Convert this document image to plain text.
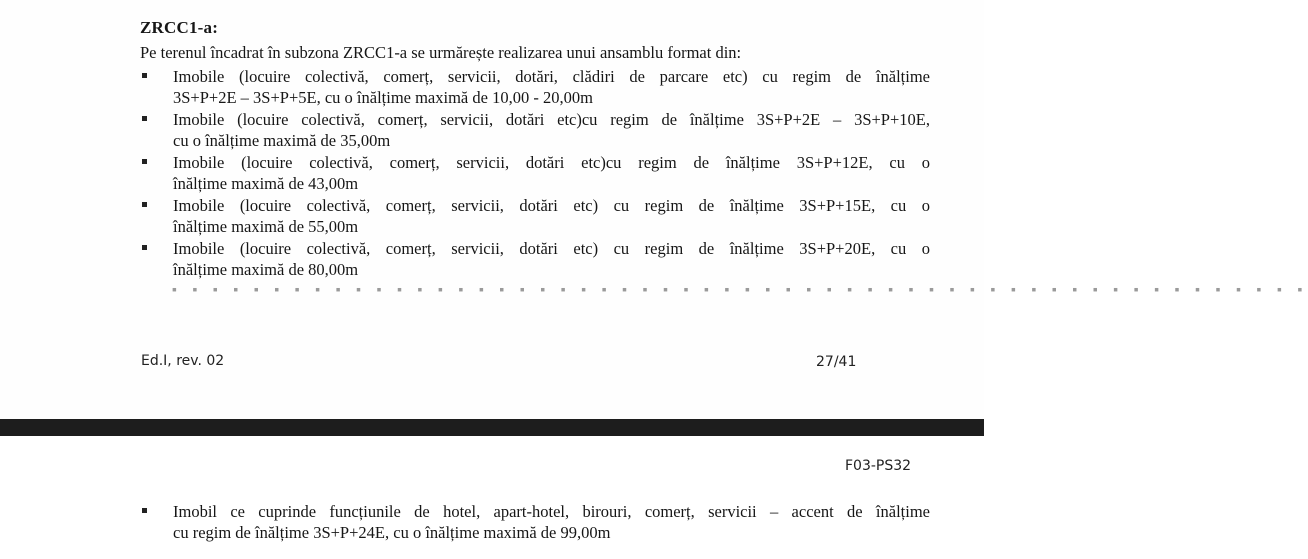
ZRCC1-a:
Pe terenul încadrat în subzona ZRCC1-a se urmărește realizarea unui ansamblu format din:
Imobile (locuire colectivă, comerț, servicii, dotări, clădiri de parcare etc) cu regim de înălțime
3S+P+2E – 3S+P+5E, cu o înălțime maximă de 10,00 - 20,00m
Imobile (locuire colectivă, comerț, servicii, dotări etc)cu regim de înălțime 3S+P+2E – 3S+P+10E,
cu o înălțime maximă de 35,00m
Imobile (locuire colectivă, comerț, servicii, dotări etc)cu regim de înălțime 3S+P+12E, cu o
înălțime maximă de 43,00m
Imobile (locuire colectivă, comerț, servicii, dotări etc) cu regim de înălțime 3S+P+15E, cu o
înălțime maximă de 55,00m
Imobile (locuire colectivă, comerț, servicii, dotări etc) cu regim de înălțime 3S+P+20E, cu o
înălțime maximă de 80,00m
▪ ▪ ▪ ▪ ▪ ▪ ▪ ▪ ▪ ▪ ▪ ▪ ▪ ▪ ▪ ▪ ▪ ▪ ▪ ▪ ▪ ▪ ▪ ▪ ▪ ▪ ▪ ▪ ▪ ▪ ▪ ▪ ▪ ▪ ▪ ▪ ▪ ▪ ▪ ▪ ▪ ▪ ▪ ▪ ▪ ▪ ▪ ▪ ▪ ▪ ▪ ▪ ▪ ▪ ▪ ▪
Ed.I, rev. 02	27/41
F03-PS32
Imobil ce cuprinde funcțiunile de hotel, apart-hotel, birouri, comerț, servicii – accent de înălțime
cu regim de înălțime 3S+P+24E, cu o înălțime maximă de 99,00m
